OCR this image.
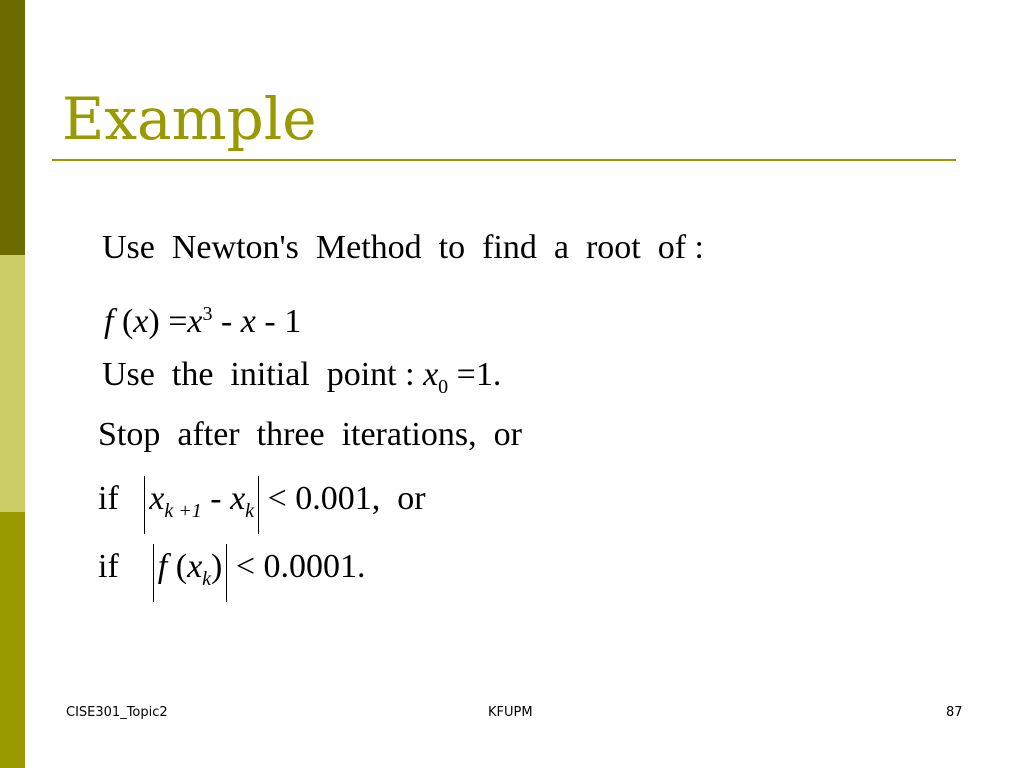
Example
Use  Newton's  Method  to  find  a  root  of :
f $(x) =x^3 - x - 1$
Use  the  initial  point : $x_0 =1$.
Stop  after  three  iterations,  or
if   $x_{k +1} - x_k < 0.001$,  or
if    f $(x_k) < 0.0001$.
CISE301_Topic2	KFUPM	87
